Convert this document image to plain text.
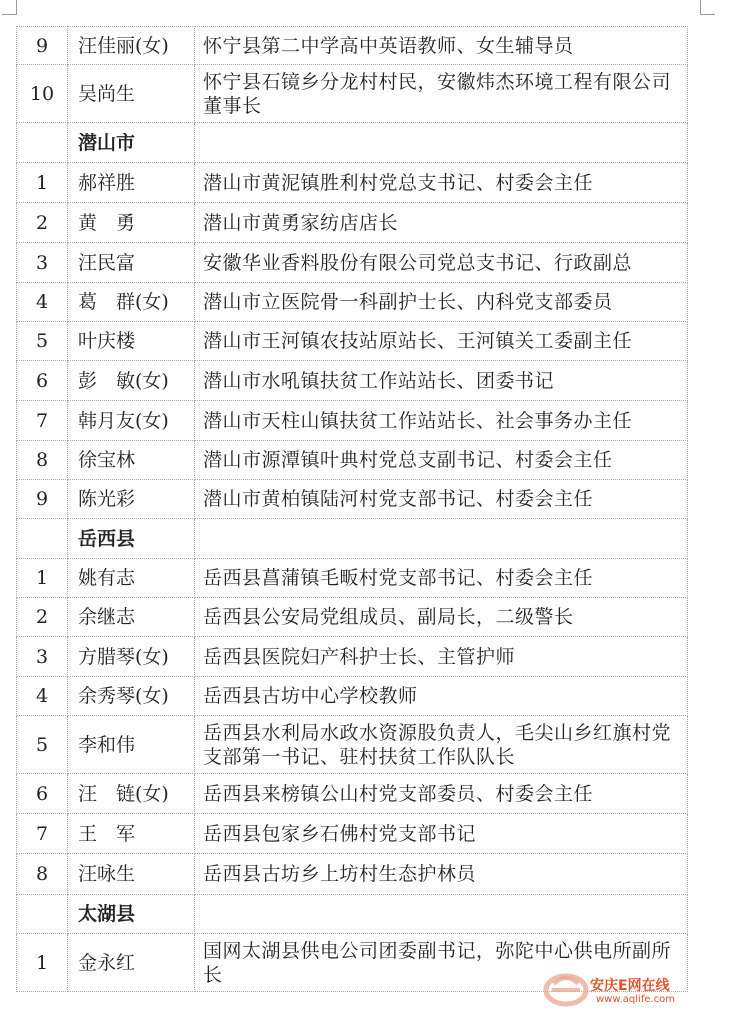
9	汪佳丽(女)	怀宁县第二中学高中英语教师、女生辅导员
10	吴尚生	怀宁县石镜乡分龙村村民，安徽炜杰环境工程有限公司董事长
	潜山市	
1	郝祥胜	潜山市黄泥镇胜利村党总支书记、村委会主任
2	黄　勇	潜山市黄勇家纺店店长
3	汪民富	安徽华业香料股份有限公司党总支书记、行政副总
4	葛　群(女)	潜山市立医院骨一科副护士长、内科党支部委员
5	叶庆楼	潜山市王河镇农技站原站长、王河镇关工委副主任
6	彭　敏(女)	潜山市水吼镇扶贫工作站站长、团委书记
7	韩月友(女)	潜山市天柱山镇扶贫工作站站长、社会事务办主任
8	徐宝林	潜山市源潭镇叶典村党总支副书记、村委会主任
9	陈光彩	潜山市黄柏镇陆河村党支部书记、村委会主任
	岳西县	
1	姚有志	岳西县菖蒲镇毛畈村党支部书记、村委会主任
2	余继志	岳西县公安局党组成员、副局长，二级警长
3	方腊琴(女)	岳西县医院妇产科护士长、主管护师
4	余秀琴(女)	岳西县古坊中心学校教师
5	李和伟	岳西县水利局水政水资源股负责人，毛尖山乡红旗村党支部第一书记、驻村扶贫工作队队长
6	汪　链(女)	岳西县来榜镇公山村党支部委员、村委会主任
7	王　军	岳西县包家乡石佛村党支部书记
8	汪咏生	岳西县古坊乡上坊村生态护林员
	太湖县	
1	金永红	国网太湖县供电公司团委副书记，弥陀中心供电所副所长
安庆E网在线
www.aqlife.com
